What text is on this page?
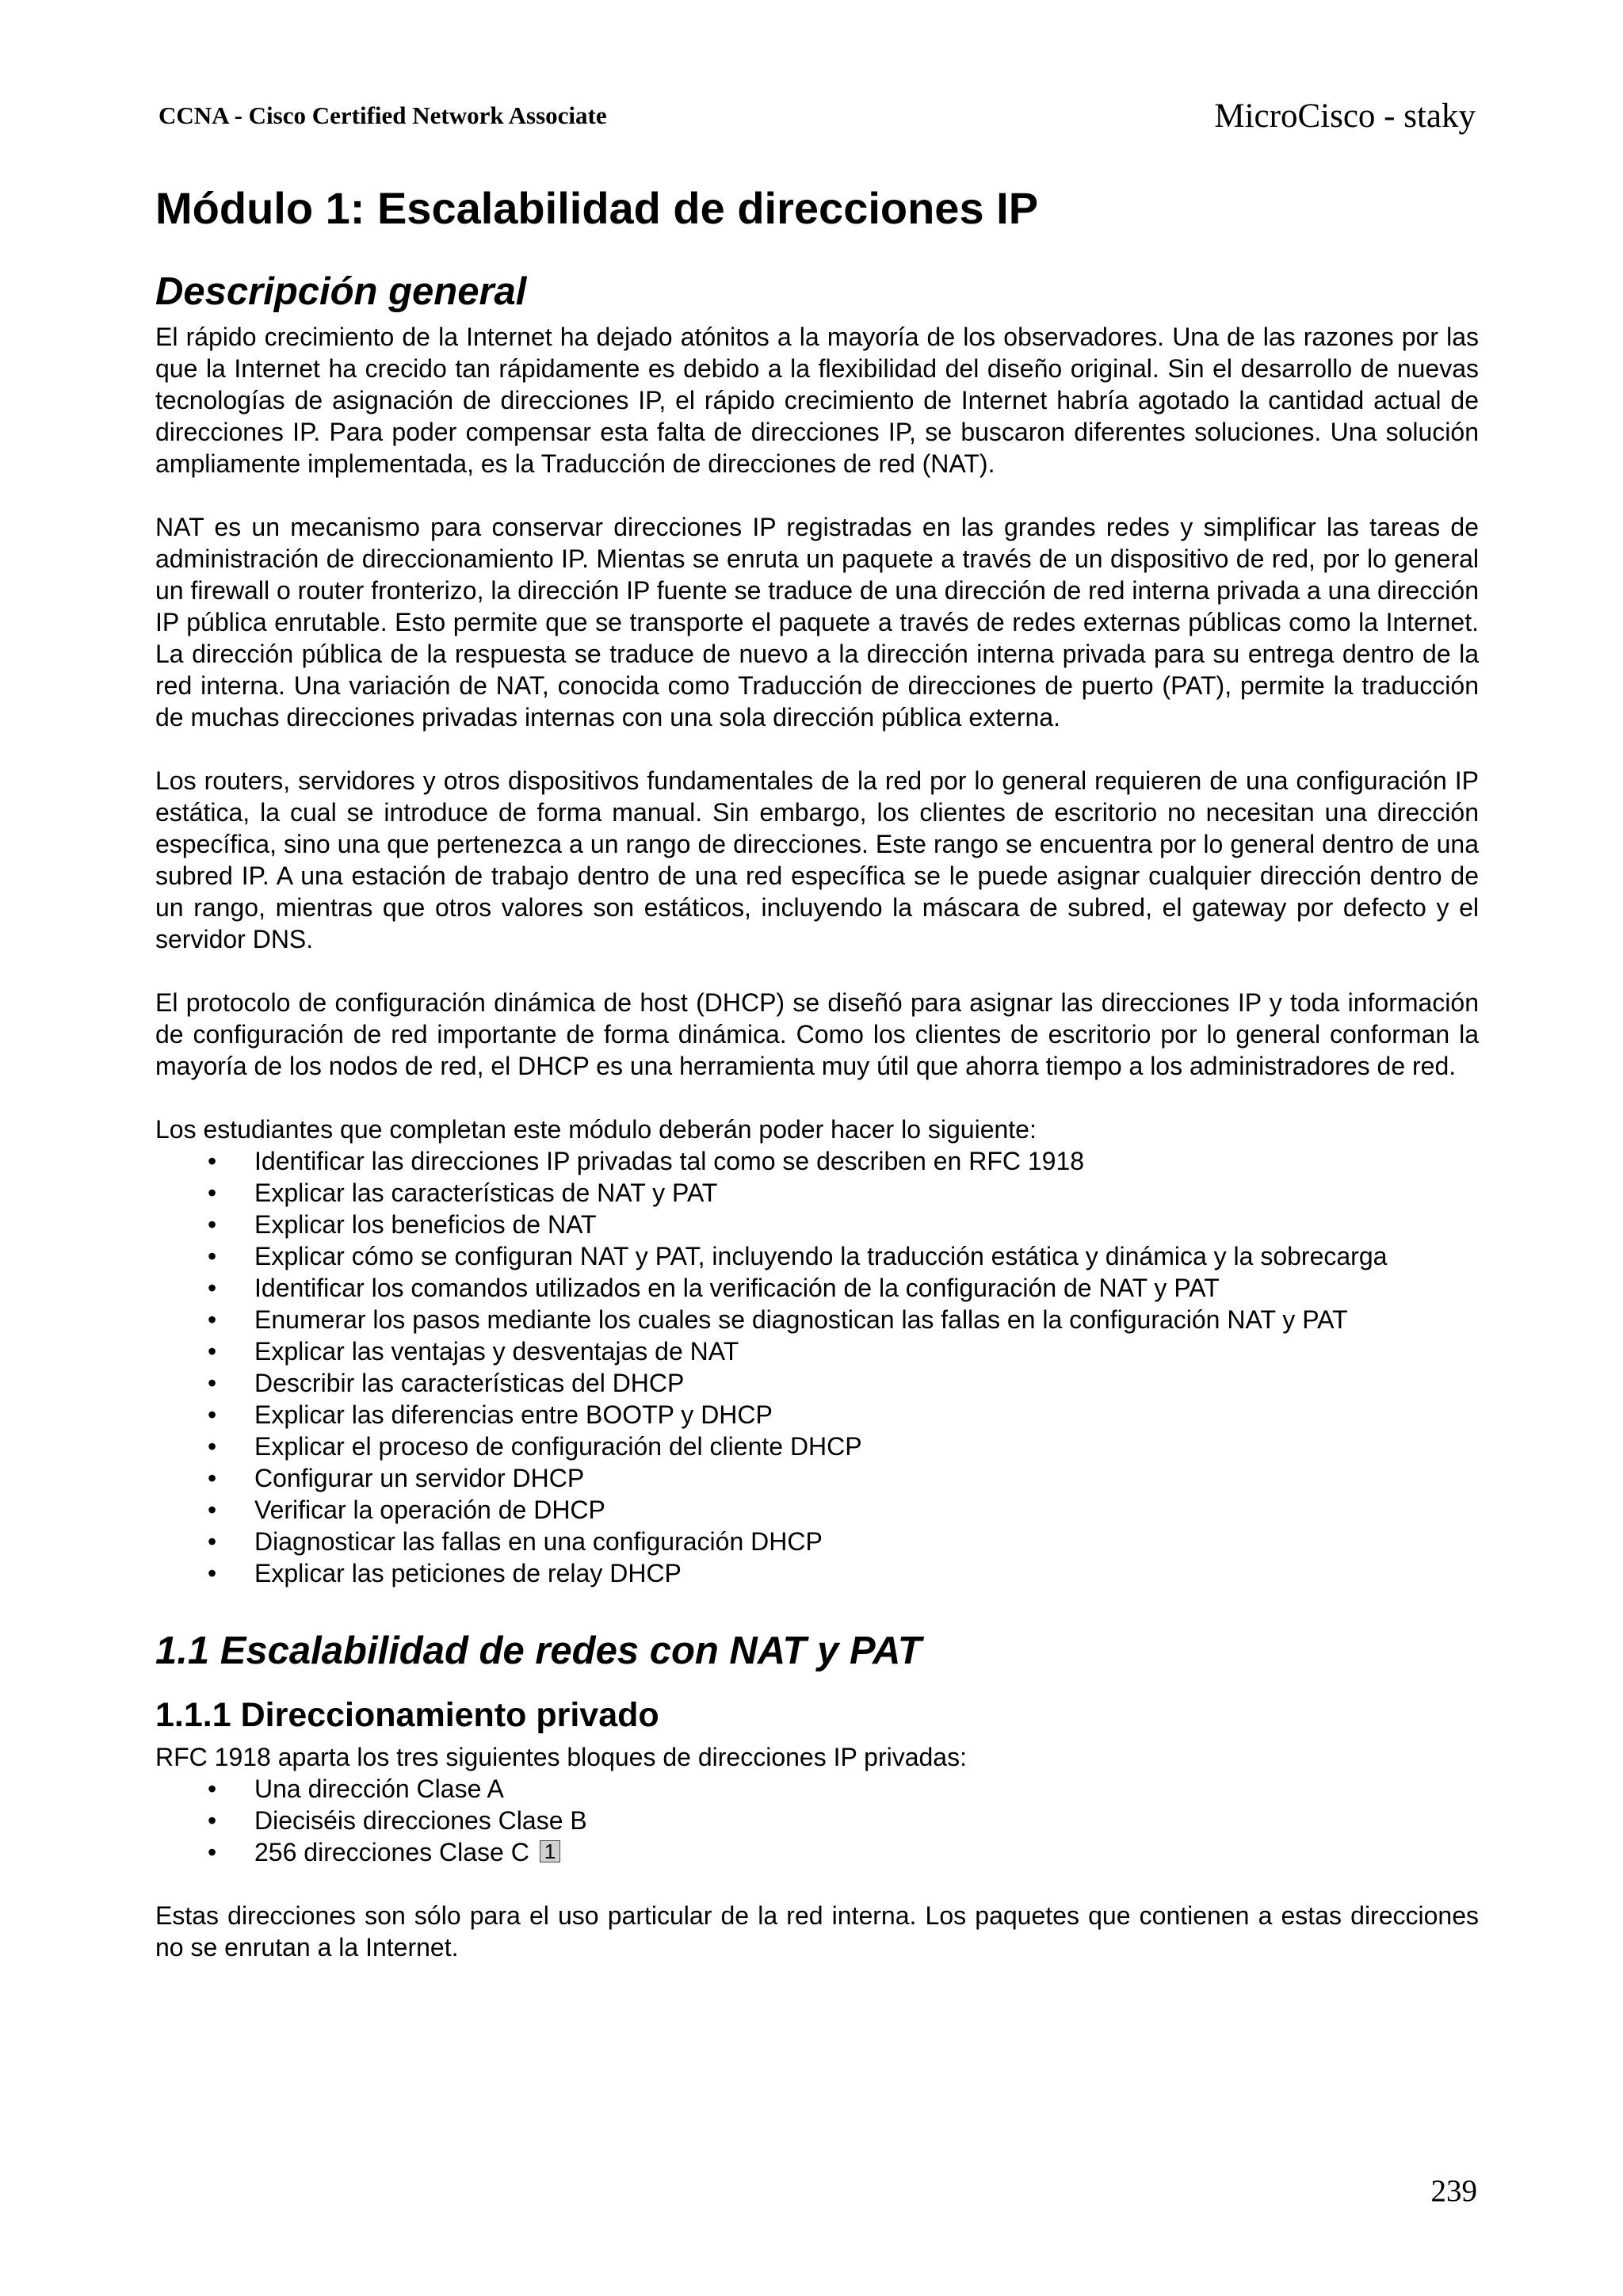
CCNA - Cisco Certified Network Associate	MicroCisco - staky
Módulo 1: Escalabilidad de direcciones IP
Descripción general

El rápido crecimiento de la Internet ha dejado atónitos a la mayoría de los observadores. Una de las razones por las que la Internet ha crecido tan rápidamente es debido a la flexibilidad del diseño original. Sin el desarrollo de nuevas tecnologías de asignación de direcciones IP, el rápido crecimiento de Internet habría agotado la cantidad actual de direcciones IP. Para poder compensar esta falta de direcciones IP, se buscaron diferentes soluciones. Una solución ampliamente implementada, es la Traducción de direcciones de red (NAT).

NAT es un mecanismo para conservar direcciones IP registradas en las grandes redes y simplificar las tareas de administración de direccionamiento IP. Mientas se enruta un paquete a través de un dispositivo de red, por lo general un firewall o router fronterizo, la dirección IP fuente se traduce de una dirección de red interna privada a una dirección IP pública enrutable. Esto permite que se transporte el paquete a través de redes externas públicas como la Internet. La dirección pública de la respuesta se traduce de nuevo a la dirección interna privada para su entrega dentro de la red interna. Una variación de NAT, conocida como Traducción de direcciones de puerto (PAT), permite la traducción de muchas direcciones privadas internas con una sola dirección pública externa.

Los routers, servidores y otros dispositivos fundamentales de la red por lo general requieren de una configuración IP estática, la cual se introduce de forma manual. Sin embargo, los clientes de escritorio no necesitan una dirección específica, sino una que pertenezca a un rango de direcciones. Este rango se encuentra por lo general dentro de una subred IP. A una estación de trabajo dentro de una red específica se le puede asignar cualquier dirección dentro de un rango, mientras que otros valores son estáticos, incluyendo la máscara de subred, el gateway por defecto y el servidor DNS.

El protocolo de configuración dinámica de host (DHCP) se diseñó para asignar las direcciones IP y toda información de configuración de red importante de forma dinámica. Como los clientes de escritorio por lo general conforman la mayoría de los nodos de red, el DHCP es una herramienta muy útil que ahorra tiempo a los administradores de red.

Los estudiantes que completan este módulo deberán poder hacer lo siguiente:

• Identificar las direcciones IP privadas tal como se describen en RFC 1918
• Explicar las características de NAT y PAT
• Explicar los beneficios de NAT
• Explicar cómo se configuran NAT y PAT, incluyendo la traducción estática y dinámica y la sobrecarga
• Identificar los comandos utilizados en la verificación de la configuración de NAT y PAT
• Enumerar los pasos mediante los cuales se diagnostican las fallas en la configuración NAT y PAT
• Explicar las ventajas y desventajas de NAT
• Describir las características del DHCP
• Explicar las diferencias entre BOOTP y DHCP
• Explicar el proceso de configuración del cliente DHCP
• Configurar un servidor DHCP
• Verificar la operación de DHCP
• Diagnosticar las fallas en una configuración DHCP
• Explicar las peticiones de relay DHCP
1.1 Escalabilidad de redes con NAT y PAT
1.1.1 Direccionamiento privado

RFC 1918 aparta los tres siguientes bloques de direcciones IP privadas:

• Una dirección Clase A
• Dieciséis direcciones Clase B
• 256 direcciones Clase C 1

Estas direcciones son sólo para el uso particular de la red interna. Los paquetes que contienen a estas direcciones no se enrutan a la Internet.

239
